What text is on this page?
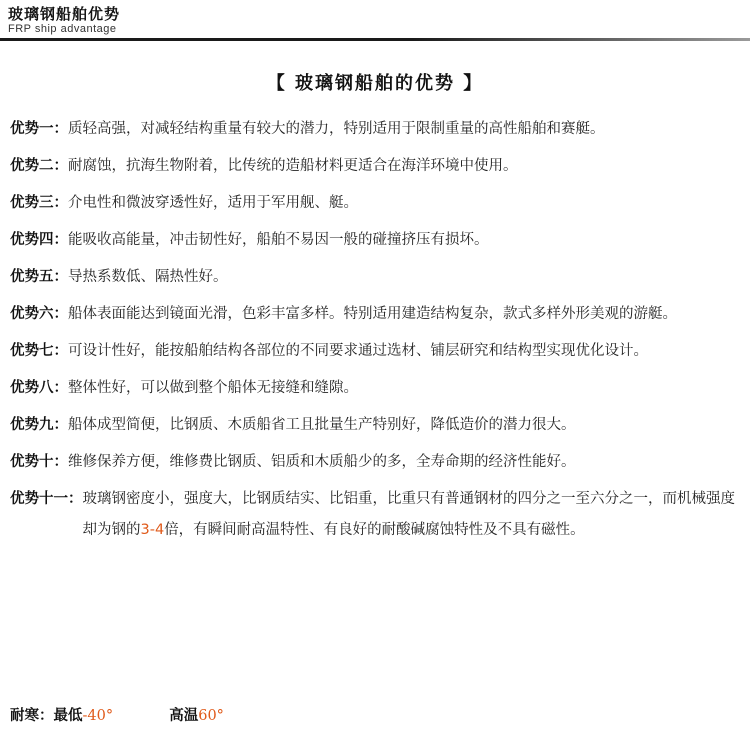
玻璃钢船舶优势
FRP ship advantage
【 玻璃钢船舶的优势 】
优势一： 质轻高强，对减轻结构重量有较大的潜力，特别适用于限制重量的高性船舶和赛艇。
优势二： 耐腐蚀，抗海生物附着，比传统的造船材料更适合在海洋环境中使用。
优势三： 介电性和微波穿透性好，适用于军用舰、艇。
优势四： 能吸收高能量，冲击韧性好，船舶不易因一般的碰撞挤压有损坏。
优势五： 导热系数低、隔热性好。
优势六： 船体表面能达到镜面光滑，色彩丰富多样。特别适用建造结构复杂，款式多样外形美观的游艇。
优势七： 可设计性好，能按船舶结构各部位的不同要求通过选材、铺层研究和结构型实现优化设计。
优势八： 整体性好，可以做到整个船体无接缝和缝隙。
优势九： 船体成型简便，比钢质、木质船省工且批量生产特别好，降低造价的潜力很大。
优势十： 维修保养方便，维修费比钢质、铝质和木质船少的多，全寿命期的经济性能好。
优势十一： 玻璃钢密度小，强度大，比钢质结实、比铝重，比重只有普通钢材的四分之一至六分之一，而机械强度却为钢的3-4倍，有瞬间耐高温特性、有良好的耐酸碱腐蚀特性及不具有磁性。
耐寒：最低-40°	高温60°
